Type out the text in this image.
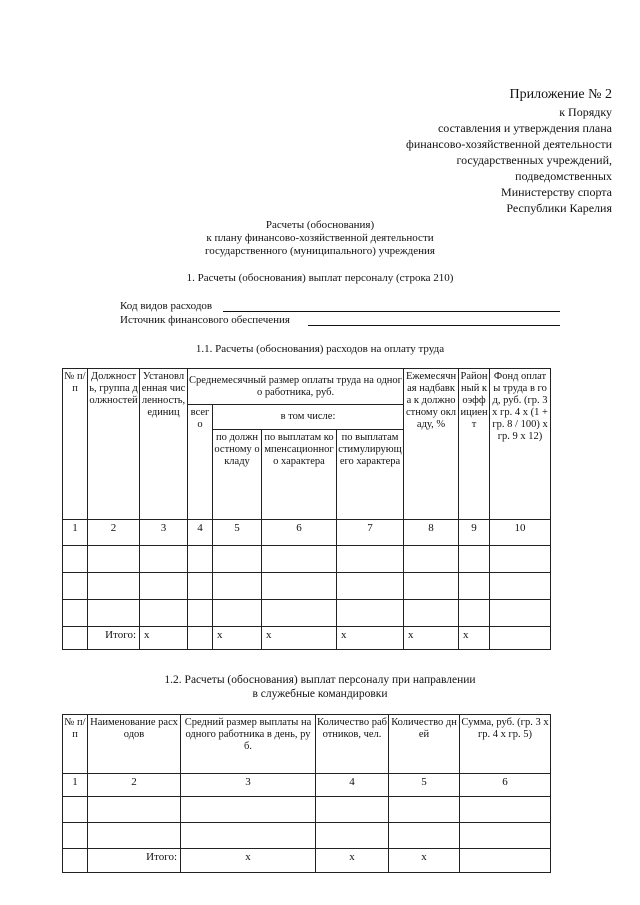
Приложение № 2
к Порядку
составления и утверждения плана
финансово-хозяйственной деятельности
государственных учреждений,
подведомственных
Министерству спорта
Республики Карелия
Расчеты (обоснования)
к плану финансово-хозяйственной деятельности
государственного (муниципального) учреждения
1. Расчеты (обоснования) выплат персоналу (строка 210)
Код видов расходов
Источник финансового обеспечения
1.1. Расчеты (обоснования) расходов на оплату труда
№ п/п	Должность, группа должностей	Установленная численность, единиц	Среднемесячный размер оплаты труда на одного работника, руб.				Ежемесячная надбавка к должностному окладу, %	Районный коэффициент	Фонд оплаты труда в год, руб. (гр. 3 х гр. 4 х (1 + гр. 8 / 100) х гр. 9 х 12)
			всего	в том числе:					
				по должностному окладу	по выплатам компенсационного характера	по выплатам стимулирующего характера			
1	2	3	4	5	6	7	8	9	10

	Итого:	х		х	х	х	х	х	
1.2. Расчеты (обоснования) выплат персоналу при направлении
в служебные командировки
№ п/п	Наименование расходов	Средний размер выплаты на одного работника в день, руб.	Количество работников, чел.	Количество дней	Сумма, руб. (гр. 3 х гр. 4 х гр. 5)
1	2	3	4	5	6

	Итого:	х	х	х	
